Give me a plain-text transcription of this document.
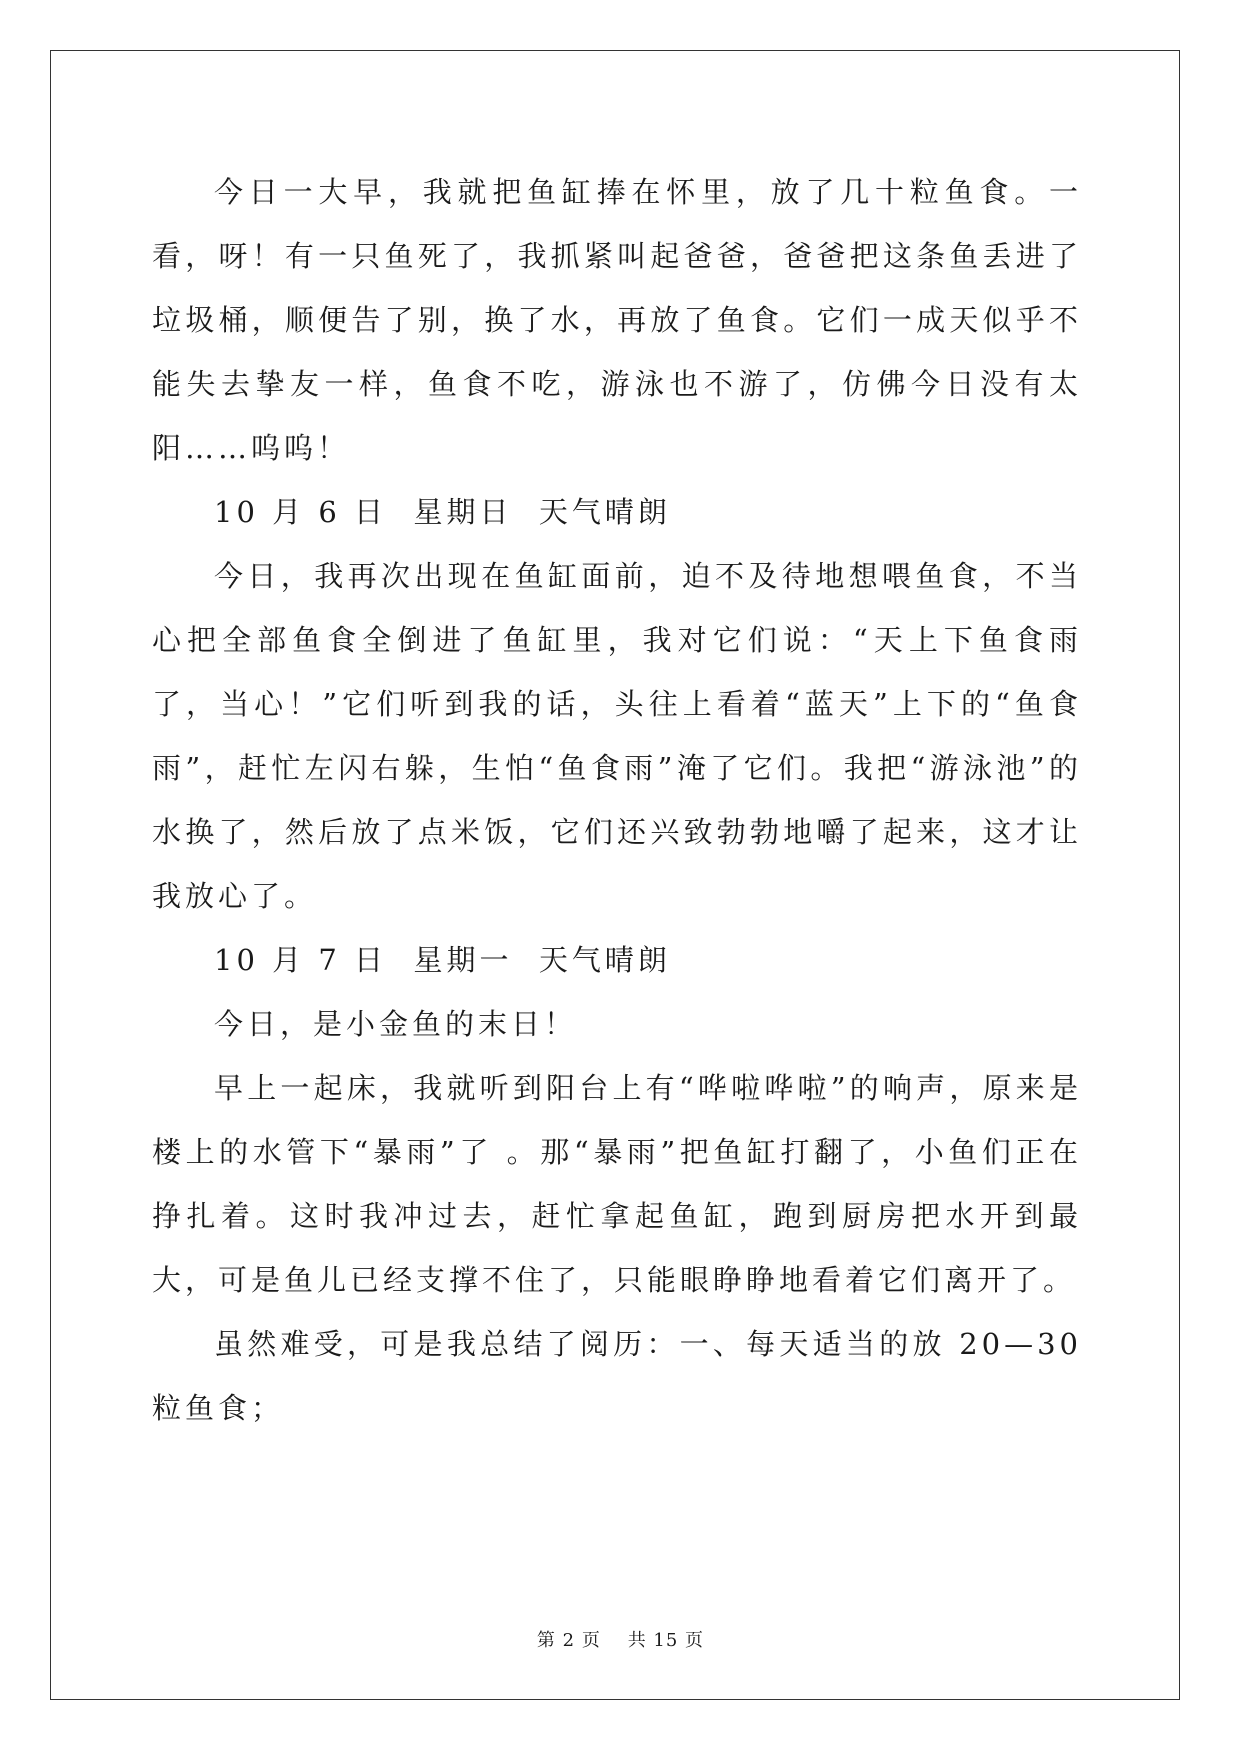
今日一大早，我就把鱼缸捧在怀里，放了几十粒鱼食。一看，呀！有一只鱼死了，我抓紧叫起爸爸，爸爸把这条鱼丢进了垃圾桶，顺便告了别，换了水，再放了鱼食。它们一成天似乎不能失去挚友一样，鱼食不吃，游泳也不游了，仿佛今日没有太阳……呜呜！

10 月 6 日  星期日  天气晴朗

今日，我再次出现在鱼缸面前，迫不及待地想喂鱼食，不当心把全部鱼食全倒进了鱼缸里，我对它们说：“天上下鱼食雨了，当心！”它们听到我的话，头往上看着“蓝天”上下的“鱼食雨”，赶忙左闪右躲，生怕“鱼食雨”淹了它们。我把“游泳池”的水换了，然后放了点米饭，它们还兴致勃勃地嚼了起来，这才让我放心了。

10 月 7 日  星期一  天气晴朗

今日，是小金鱼的末日！

早上一起床，我就听到阳台上有“哗啦哗啦”的响声，原来是楼上的水管下“暴雨”了 。那“暴雨”把鱼缸打翻了，小鱼们正在挣扎着。这时我冲过去，赶忙拿起鱼缸，跑到厨房把水开到最大，可是鱼儿已经支撑不住了，只能眼睁睁地看着它们离开了。

虽然难受，可是我总结了阅历：一、每天适当的放 20—30 粒鱼食；

第 2 页    共 15 页
